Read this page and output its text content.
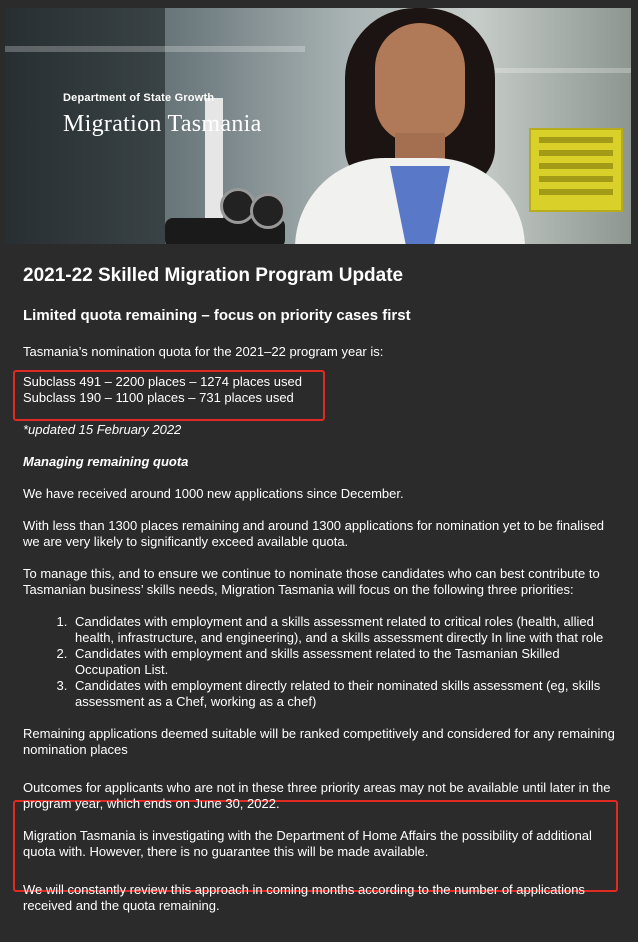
Department of State Growth
Migration Tasmania
2021-22 Skilled Migration Program Update
Limited quota remaining – focus on priority cases first

Tasmania’s nomination quota for the 2021–22 program year is:

Subclass 491 – 2200 places – 1274 places used

Subclass 190 – 1100 places – 731 places used

*updated 15 February 2022

Managing remaining quota

We have received around 1000 new applications since December.

With less than 1300 places remaining and around 1300 applications for nomination yet to be finalised we are very likely to significantly exceed available quota.

To manage this, and to ensure we continue to nominate those candidates who can best contribute to Tasmanian business’ skills needs, Migration Tasmania will focus on the following three priorities:

1. Candidates with employment and a skills assessment related to critical roles (health, allied health, infrastructure, and engineering), and a skills assessment directly In line with that role
2. Candidates with employment and skills assessment related to the Tasmanian Skilled Occupation List.
3. Candidates with employment directly related to their nominated skills assessment (eg, skills assessment as a Chef, working as a chef)

Remaining applications deemed suitable will be ranked competitively and considered for any remaining nomination places

Outcomes for applicants who are not in these three priority areas may not be available until later in the program year, which ends on June 30, 2022.

Migration Tasmania is investigating with the Department of Home Affairs the possibility of additional quota with. However, there is no guarantee this will be made available.

We will constantly review this approach in coming months according to the number of applications received and the quota remaining.
